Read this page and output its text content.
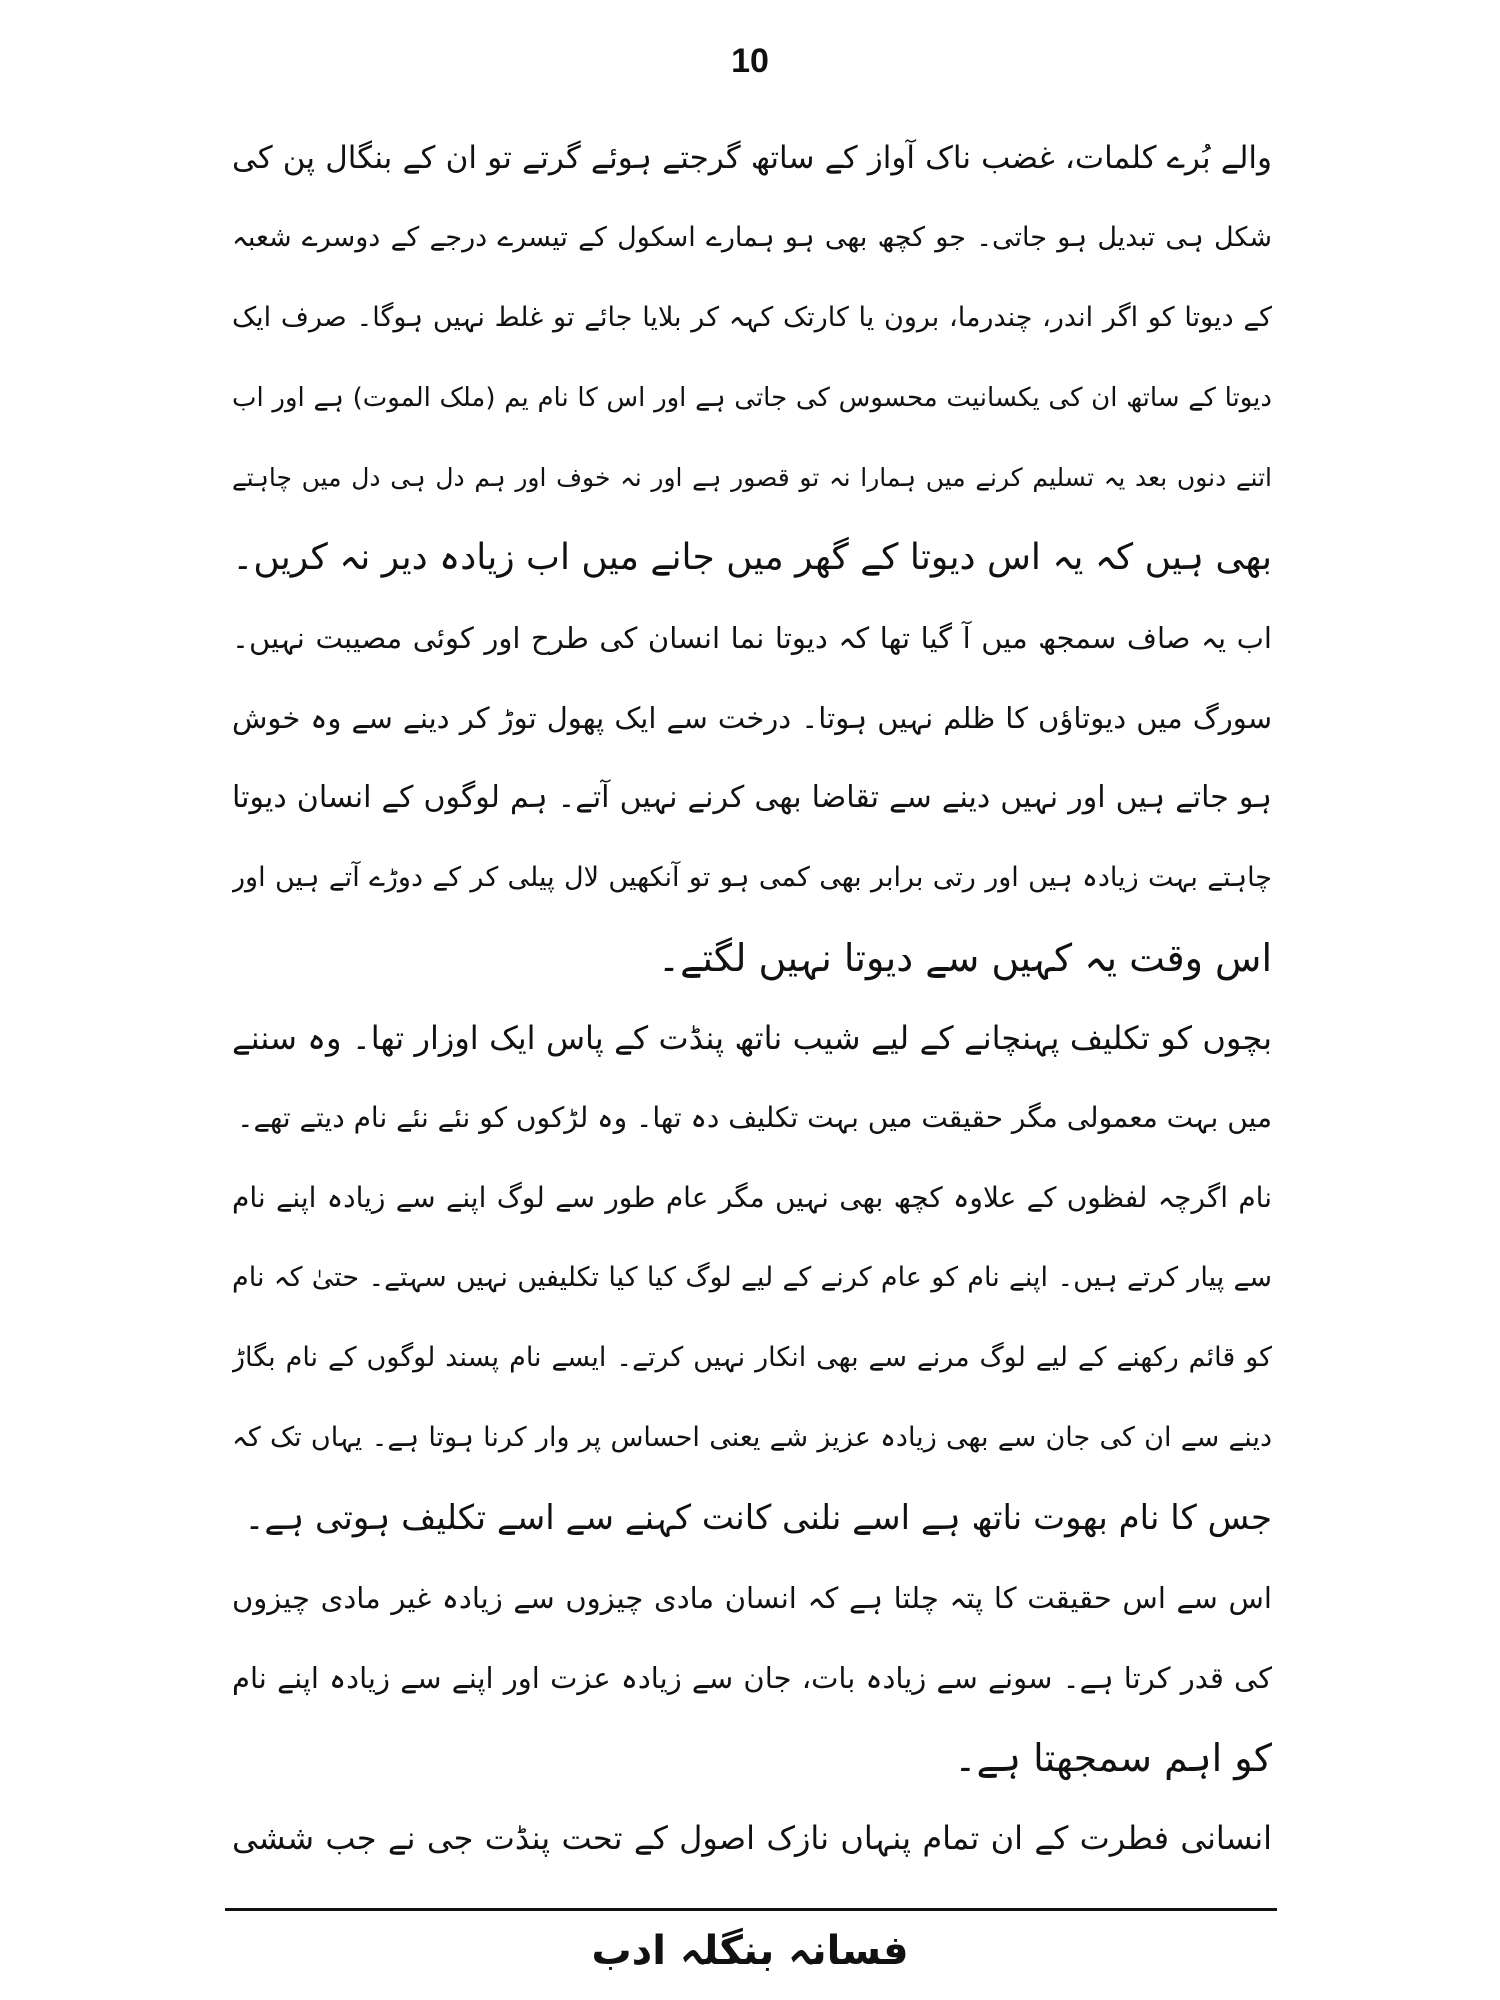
10
والے بُرے کلمات، غضب ناک آواز کے ساتھ گرجتے ہوئے گرتے تو ان کے بنگال پن کی
شکل ہی تبدیل ہو جاتی۔ جو کچھ بھی ہو ہمارے اسکول کے تیسرے درجے کے دوسرے شعبہ
کے دیوتا کو اگر اندر، چندرما، برون یا کارتک کہہ کر بلایا جائے تو غلط نہیں ہوگا۔ صرف ایک
دیوتا کے ساتھ ان کی یکسانیت محسوس کی جاتی ہے اور اس کا نام یم (ملک الموت) ہے اور اب
اتنے دنوں بعد یہ تسلیم کرنے میں ہمارا نہ تو قصور ہے اور نہ خوف اور ہم دل ہی دل میں چاہتے
بھی ہیں کہ یہ اس دیوتا کے گھر میں جانے میں اب زیادہ دیر نہ کریں۔
اب یہ صاف سمجھ میں آ گیا تھا کہ دیوتا نما انسان کی طرح اور کوئی مصیبت نہیں۔
سورگ میں دیوتاؤں کا ظلم نہیں ہوتا۔ درخت سے ایک پھول توڑ کر دینے سے وہ خوش
ہو جاتے ہیں اور نہیں دینے سے تقاضا بھی کرنے نہیں آتے۔ ہم لوگوں کے انسان دیوتا
چاہتے بہت زیادہ ہیں اور رتی برابر بھی کمی ہو تو آنکھیں لال پیلی کر کے دوڑے آتے ہیں اور
اس وقت یہ کہیں سے دیوتا نہیں لگتے۔
بچوں کو تکلیف پہنچانے کے لیے شیب ناتھ پنڈت کے پاس ایک اوزار تھا۔ وہ سننے
میں بہت معمولی مگر حقیقت میں بہت تکلیف دہ تھا۔ وہ لڑکوں کو نئے نئے نام دیتے تھے۔
نام اگرچہ لفظوں کے علاوہ کچھ بھی نہیں مگر عام طور سے لوگ اپنے سے زیادہ اپنے نام
سے پیار کرتے ہیں۔ اپنے نام کو عام کرنے کے لیے لوگ کیا کیا تکلیفیں نہیں سہتے۔ حتیٰ کہ نام
کو قائم رکھنے کے لیے لوگ مرنے سے بھی انکار نہیں کرتے۔ ایسے نام پسند لوگوں کے نام بگاڑ
دینے سے ان کی جان سے بھی زیادہ عزیز شے یعنی احساس پر وار کرنا ہوتا ہے۔ یہاں تک کہ
جس کا نام بھوت ناتھ ہے اسے نلنی کانت کہنے سے اسے تکلیف ہوتی ہے۔
اس سے اس حقیقت کا پتہ چلتا ہے کہ انسان مادی چیزوں سے زیادہ غیر مادی چیزوں
کی قدر کرتا ہے۔ سونے سے زیادہ بات، جان سے زیادہ عزت اور اپنے سے زیادہ اپنے نام
کو اہم سمجھتا ہے۔
انسانی فطرت کے ان تمام پنہاں نازک اصول کے تحت پنڈت جی نے جب ششی
فسانہ بنگلہ ادب
